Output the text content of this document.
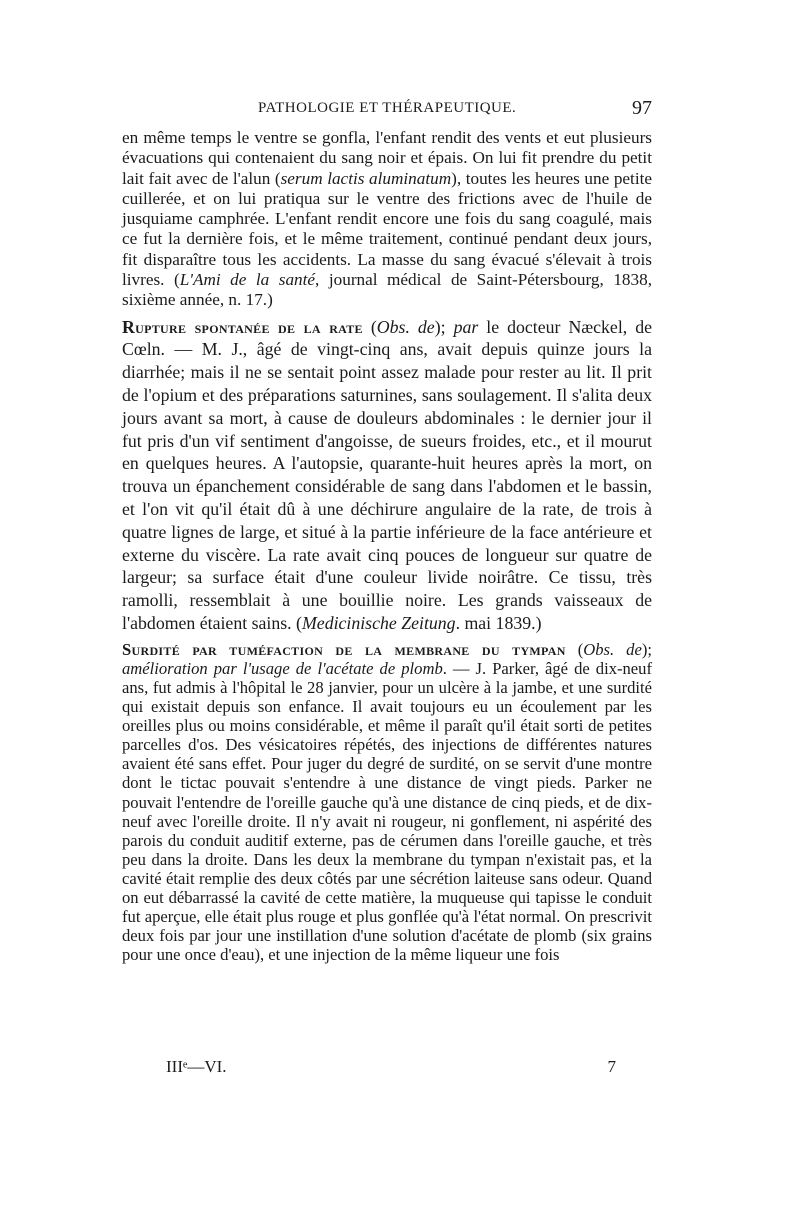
PATHOLOGIE ET THÉRAPEUTIQUE.	97

en même temps le ventre se gonfla, l'enfant rendit des vents et eut plusieurs évacuations qui contenaient du sang noir et épais. On lui fit prendre du petit lait fait avec de l'alun (serum lactis aluminatum), toutes les heures une petite cuillerée, et on lui pratiqua sur le ventre des frictions avec de l'huile de jusquiame camphrée. L'enfant rendit encore une fois du sang coagulé, mais ce fut la dernière fois, et le même traitement, continué pendant deux jours, fit disparaître tous les accidents. La masse du sang évacué s'élevait à trois livres. (L'Ami de la santé, journal médical de Saint-Pétersbourg, 1838, sixième année, n. 17.)

Rupture spontanée de la rate (Obs. de); par le docteur Næckel, de Cœln. — M. J., âgé de vingt-cinq ans, avait depuis quinze jours la diarrhée; mais il ne se sentait point assez malade pour rester au lit. Il prit de l'opium et des préparations saturnines, sans soulagement. Il s'alita deux jours avant sa mort, à cause de douleurs abdominales : le dernier jour il fut pris d'un vif sentiment d'angoisse, de sueurs froides, etc., et il mourut en quelques heures. A l'autopsie, quarante-huit heures après la mort, on trouva un épanchement considérable de sang dans l'abdomen et le bassin, et l'on vit qu'il était dû à une déchirure angulaire de la rate, de trois à quatre lignes de large, et situé à la partie inférieure de la face antérieure et externe du viscère. La rate avait cinq pouces de longueur sur quatre de largeur; sa surface était d'une couleur livide noirâtre. Ce tissu, très ramolli, ressemblait à une bouillie noire. Les grands vaisseaux de l'abdomen étaient sains. (Medicinische Zeitung. mai 1839.)

Surdité par tuméfaction de la membrane du tympan (Obs. de); amélioration par l'usage de l'acétate de plomb. — J. Parker, âgé de dix-neuf ans, fut admis à l'hôpital le 28 janvier, pour un ulcère à la jambe, et une surdité qui existait depuis son enfance. Il avait toujours eu un écoulement par les oreilles plus ou moins considérable, et même il paraît qu'il était sorti de petites parcelles d'os. Des vésicatoires répétés, des injections de différentes natures avaient été sans effet. Pour juger du degré de surdité, on se servit d'une montre dont le tictac pouvait s'entendre à une distance de vingt pieds. Parker ne pouvait l'entendre de l'oreille gauche qu'à une distance de cinq pieds, et de dix-neuf avec l'oreille droite. Il n'y avait ni rougeur, ni gonflement, ni aspérité des parois du conduit auditif externe, pas de cérumen dans l'oreille gauche, et très peu dans la droite. Dans les deux la membrane du tympan n'existait pas, et la cavité était remplie des deux côtés par une sécrétion laiteuse sans odeur. Quand on eut débarrassé la cavité de cette matière, la muqueuse qui tapisse le conduit fut aperçue, elle était plus rouge et plus gonflée qu'à l'état normal. On prescrivit deux fois par jour une instillation d'une solution d'acétate de plomb (six grains pour une once d'eau), et une injection de la même liqueur une fois

IIIᵉ—VI.	7
